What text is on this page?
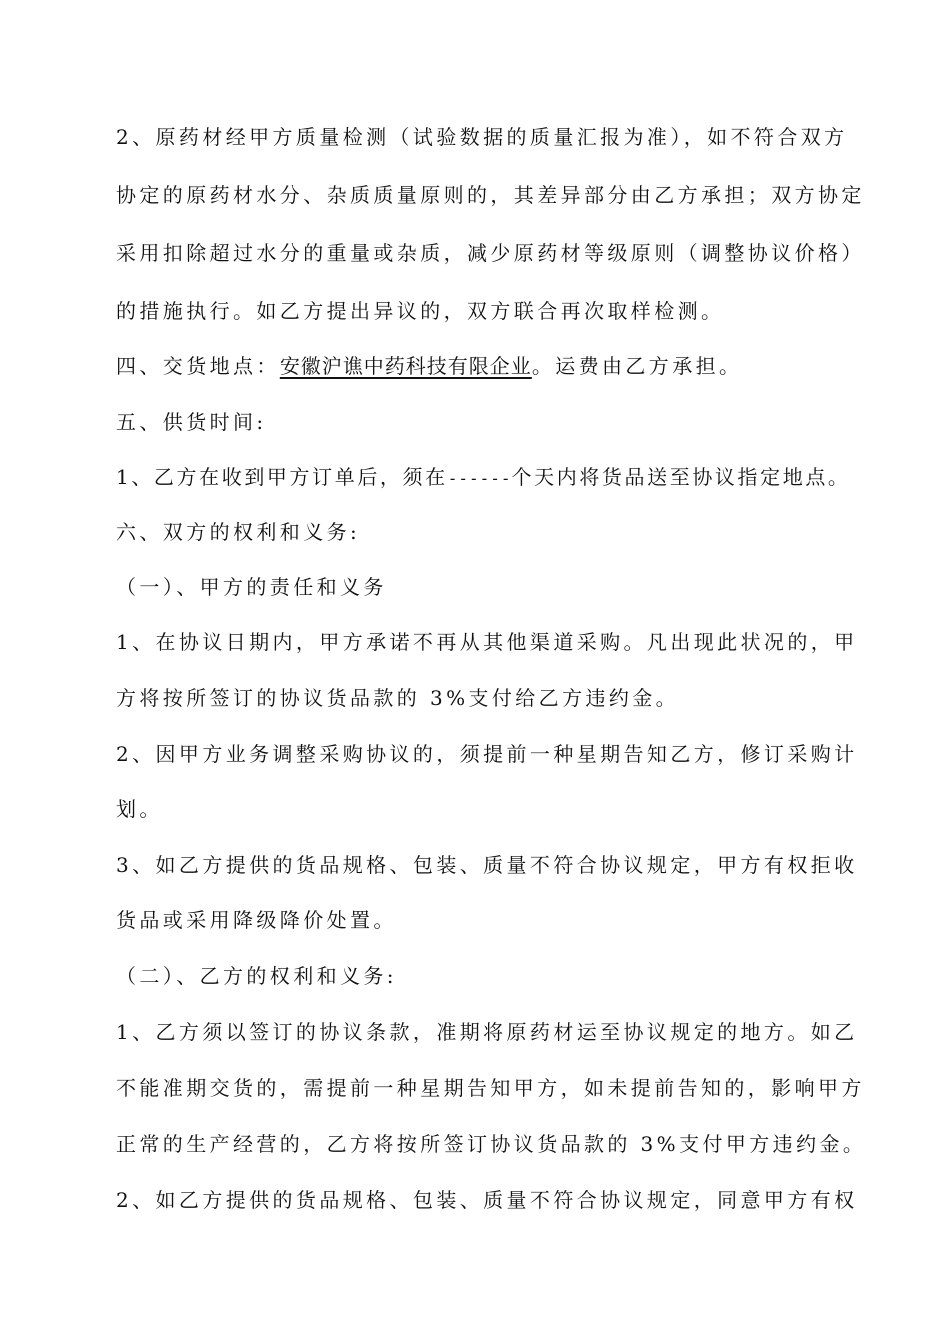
2、原药材经甲方质量检测（试验数据的质量汇报为准），如不符合双方
协定的原药材水分、杂质质量原则的，其差异部分由乙方承担；双方协定
采用扣除超过水分的重量或杂质，减少原药材等级原则（调整协议价格）
的措施执行。如乙方提出异议的，双方联合再次取样检测。
四、交货地点：安徽沪谯中药科技有限企业。运费由乙方承担。
五、供货时间:
1、乙方在收到甲方订单后，须在------个天内将货品送至协议指定地点。
六、双方的权利和义务:
（一）、甲方的责任和义务
1、在协议日期内，甲方承诺不再从其他渠道采购。凡出现此状况的，甲
方将按所签订的协议货品款的 3%支付给乙方违约金。
2、因甲方业务调整采购协议的，须提前一种星期告知乙方，修订采购计
划。
3、如乙方提供的货品规格、包装、质量不符合协议规定，甲方有权拒收
货品或采用降级降价处置。
（二）、乙方的权利和义务:
1、乙方须以签订的协议条款，准期将原药材运至协议规定的地方。如乙
不能准期交货的，需提前一种星期告知甲方，如未提前告知的，影响甲方
正常的生产经营的，乙方将按所签订协议货品款的 3%支付甲方违约金。
2、如乙方提供的货品规格、包装、质量不符合协议规定，同意甲方有权
